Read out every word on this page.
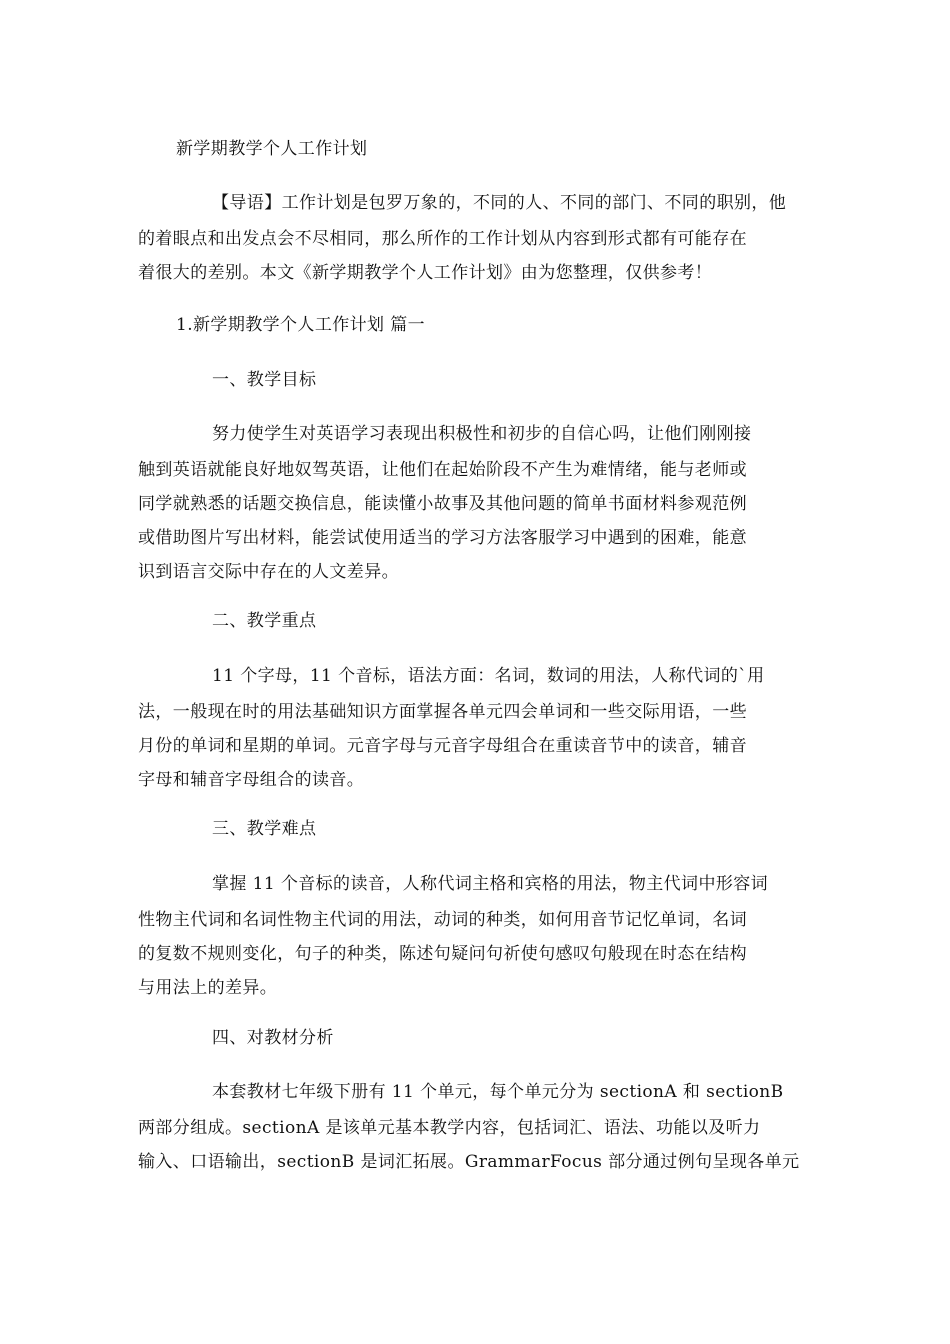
新学期教学个人工作计划
【导语】工作计划是包罗万象的，不同的人、不同的部门、不同的职别，他
的着眼点和出发点会不尽相同，那么所作的工作计划从内容到形式都有可能存在
着很大的差别。本文《新学期教学个人工作计划》由为您整理，仅供参考！
1.新学期教学个人工作计划 篇一
一、教学目标
努力使学生对英语学习表现出积极性和初步的自信心吗，让他们刚刚接
触到英语就能良好地奴驾英语，让他们在起始阶段不产生为难情绪，能与老师或
同学就熟悉的话题交换信息，能读懂小故事及其他问题的简单书面材料参观范例
或借助图片写出材料，能尝试使用适当的学习方法客服学习中遇到的困难，能意
识到语言交际中存在的人文差异。
二、教学重点
11 个字母，11 个音标，语法方面：名词，数词的用法，人称代词的`用
法，一般现在时的用法基础知识方面掌握各单元四会单词和一些交际用语，一些
月份的单词和星期的单词。元音字母与元音字母组合在重读音节中的读音，辅音
字母和辅音字母组合的读音。
三、教学难点
掌握 11 个音标的读音，人称代词主格和宾格的用法，物主代词中形容词
性物主代词和名词性物主代词的用法，动词的种类，如何用音节记忆单词，名词
的复数不规则变化，句子的种类，陈述句疑问句祈使句感叹句般现在时态在结构
与用法上的差异。
四、对教材分析
本套教材七年级下册有 11 个单元，每个单元分为 sectionA 和 sectionB
两部分组成。sectionA 是该单元基本教学内容，包括词汇、语法、功能以及听力
输入、口语输出，sectionB 是词汇拓展。GrammarFocus 部分通过例句呈现各单元
